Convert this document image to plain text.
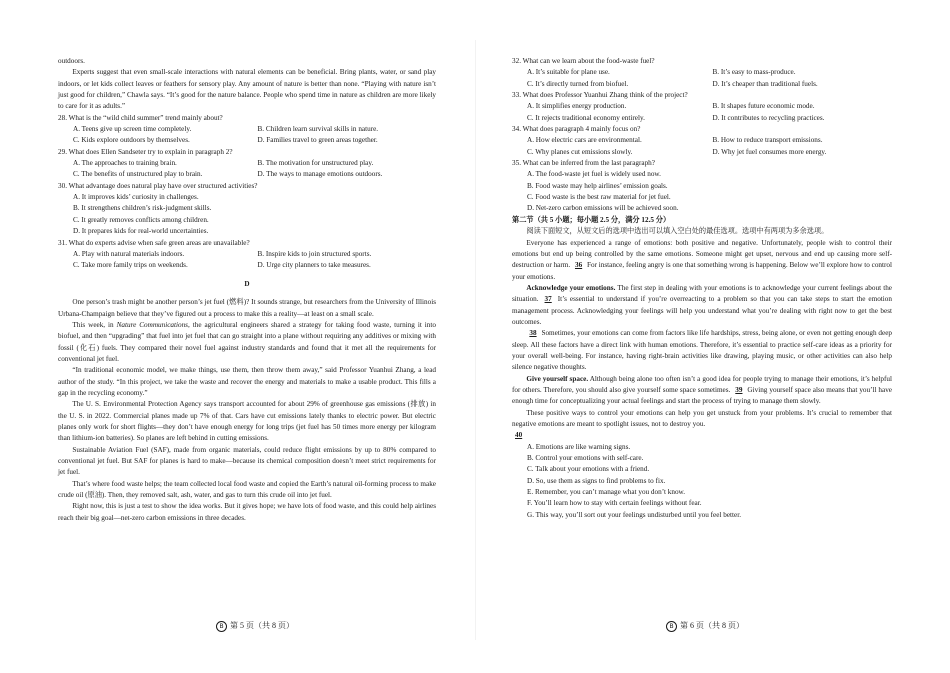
outdoors.

Experts suggest that even small-scale interactions with natural elements can be beneficial. Bring plants, water, or sand play indoors, or let kids collect leaves or feathers for sensory play. Any amount of nature is better than none. “Playing with nature isn’t just good for children,” Chawla says. “It’s good for the nature balance. People who spend time in nature as children are more likely to care for it as adults.”

28. What is the “wild child summer” trend mainly about?

A. Teens give up screen time completely.	B. Children learn survival skills in nature.
C. Kids explore outdoors by themselves.	D. Families travel to green areas together.

29. What does Ellen Sandseter try to explain in paragraph 2?

A. The approaches to training brain.	B. The motivation for unstructured play.
C. The benefits of unstructured play to brain.	D. The ways to manage emotions outdoors.

30. What advantage does natural play have over structured activities?

A. It improves kids’ curiosity in challenges.
B. It strengthens children’s risk-judgment skills.
C. It greatly removes conflicts among children.
D. It prepares kids for real-world uncertainties.

31. What do experts advise when safe green areas are unavailable?

A. Play with natural materials indoors.	B. Inspire kids to join structured sports.
C. Take more family trips on weekends.	D. Urge city planners to take measures.

D

One person’s trash might be another person’s jet fuel (燃料)? It sounds strange, but researchers from the University of Illinois Urbana-Champaign believe that they’ve figured out a process to make this a reality—at least on a small scale.

This week, in Nature Communications, the agricultural engineers shared a strategy for taking food waste, turning it into biofuel, and then “upgrading” that fuel into jet fuel that can go straight into a plane without requiring any additives or mixing with fossil (化石) fuels. They compared their novel fuel against industry standards and found that it met all the requirements for conventional jet fuel.

“In traditional economic model, we make things, use them, then throw them away,” said Professor Yuanhui Zhang, a lead author of the study. “In this project, we take the waste and recover the energy and materials to make a usable product. This fills a gap in the recycling economy.”

The U. S. Environmental Protection Agency says transport accounted for about 29% of greenhouse gas emissions (排放) in the U. S. in 2022. Commercial planes made up 7% of that. Cars have cut emissions lately thanks to electric power. But electric planes only work for short flights—they don’t have enough energy for long trips (jet fuel has 50 times more energy per kilogram than lithium-ion batteries). So planes are left behind in cutting emissions.

Sustainable Aviation Fuel (SAF), made from organic materials, could reduce flight emissions by up to 80% compared to conventional jet fuel. But SAF for planes is hard to make—because its chemical composition doesn’t meet strict requirements for jet fuel.

That’s where food waste helps; the team collected local food waste and copied the Earth’s natural oil-forming process to make crude oil (原油). Then, they removed salt, ash, water, and gas to turn this crude oil into jet fuel.

Right now, this is just a test to show the idea works. But it gives hope; we have lots of food waste, and this could help airlines reach their big goal—net-zero carbon emissions in three decades.

32. What can we learn about the food-waste fuel?

A. It’s suitable for plane use.	B. It’s easy to mass-produce.
C. It’s directly turned from biofuel.	D. It’s cheaper than traditional fuels.

33. What does Professor Yuanhui Zhang think of the project?

A. It simplifies energy production.	B. It shapes future economic mode.
C. It rejects traditional economy entirely.	D. It contributes to recycling practices.

34. What does paragraph 4 mainly focus on?

A. How electric cars are environmental.	B. How to reduce transport emissions.
C. Why planes cut emissions slowly.	D. Why jet fuel consumes more energy.

35. What can be inferred from the last paragraph?

A. The food-waste jet fuel is widely used now.
B. Food waste may help airlines’ emission goals.
C. Food waste is the best raw material for jet fuel.
D. Net-zero carbon emissions will be achieved soon.

第二节（共 5 小题；每小题 2.5 分，满分 12.5 分）

阅读下面短文，从短文后的选项中选出可以填入空白处的最佳选项。选项中有两项为多余选项。

Everyone has experienced a range of emotions: both positive and negative. Unfortunately, people wish to control their emotions but end up being controlled by the same emotions. Someone might get upset, nervous and end up causing more self-destruction or harm. 36 For instance, feeling angry is one that something wrong is happening. Below we’ll explore how to control your emotions.

Acknowledge your emotions. The first step in dealing with your emotions is to acknowledge your current feelings about the situation. 37 It’s essential to understand if you’re overreacting to a problem so that you can take steps to start the emotion management process. Acknowledging your feelings will help you understand what you’re dealing with right now to get the best outcomes.

38 Sometimes, your emotions can come from factors like life hardships, stress, being alone, or even not getting enough deep sleep. All these factors have a direct link with human emotions. Therefore, it’s essential to practice self-care ideas as a priority for your overall well-being. For instance, having right-brain activities like drawing, playing music, or other activities can also help silence negative thoughts.

Give yourself space. Although being alone too often isn’t a good idea for people trying to manage their emotions, it’s helpful for others. Therefore, you should also give yourself some space sometimes. 39 Giving yourself space also means that you’ll have enough time for conceptualizing your actual feelings and start the process of trying to manage them slowly.

These positive ways to control your emotions can help you get unstuck from your problems. It’s crucial to remember that negative emotions are meant to spotlight issues, not to destroy you.

40

A. Emotions are like warning signs.
B. Control your emotions with self-care.
C. Talk about your emotions with a friend.
D. So, use them as signs to find problems to fix.
E. Remember, you can’t manage what you don’t know.
F. You’ll learn how to stay with certain feelings without fear.
G. This way, you’ll sort out your feelings undisturbed until you feel better.
B 第 5 页（共 8 页）	B 第 6 页（共 8 页）
